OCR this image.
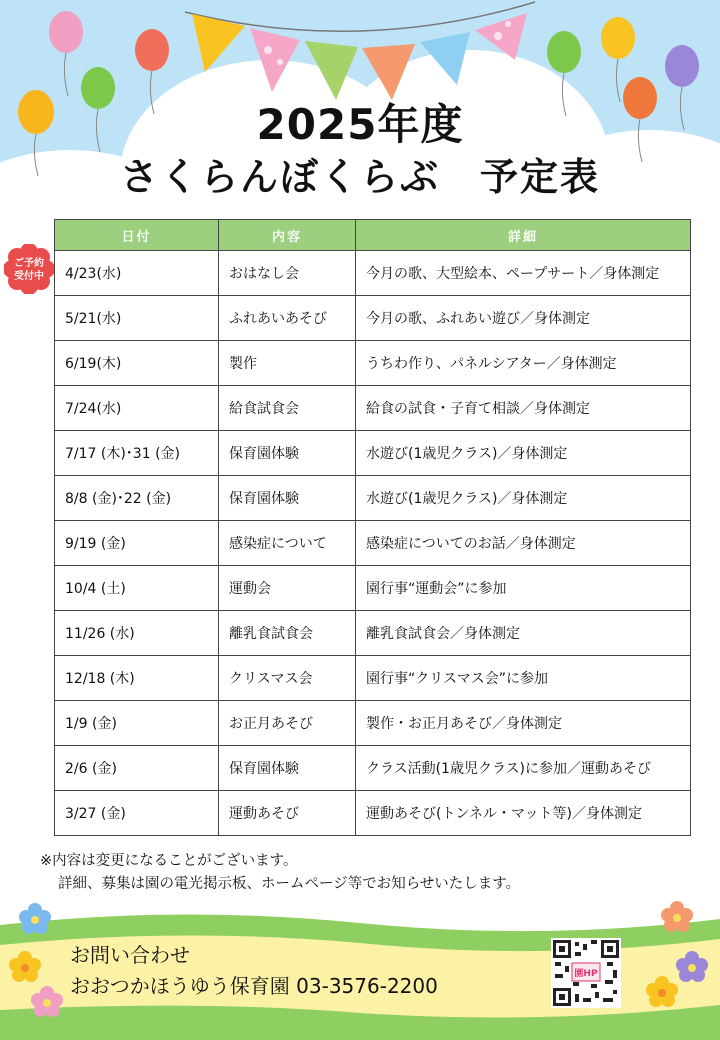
2025年度
さくらんぼくらぶ　予定表
日付	内容	詳細
4/23(水)	おはなし会	今月の歌、大型絵本、ペープサート／身体測定
5/21(水)	ふれあいあそび	今月の歌、ふれあい遊び／身体測定
6/19(木)	製作	うちわ作り、パネルシアター／身体測定
7/24(水)	給食試食会	給食の試食・子育て相談／身体測定
7/17 (木)･31 (金)	保育園体験	水遊び(1歳児クラス)／身体測定
8/8 (金)･22 (金)	保育園体験	水遊び(1歳児クラス)／身体測定
9/19 (金)	感染症について	感染症についてのお話／身体測定
10/4 (土)	運動会	園行事“運動会”に参加
11/26 (水)	離乳食試食会	離乳食試食会／身体測定
12/18 (木)	クリスマス会	園行事“クリスマス会”に参加
1/9 (金)	お正月あそび	製作・お正月あそび／身体測定
2/6 (金)	保育園体験	クラス活動(1歳児クラス)に参加／運動あそび
3/27 (金)	運動あそび	運動あそび(トンネル・マット等)／身体測定
ご予約
受付中
※内容は変更になることがございます。
詳細、募集は園の電光掲示板、ホームページ等でお知らせいたします。
お問い合わせ
おおつかほうゆう保育園 03-3576-2200	園HP
